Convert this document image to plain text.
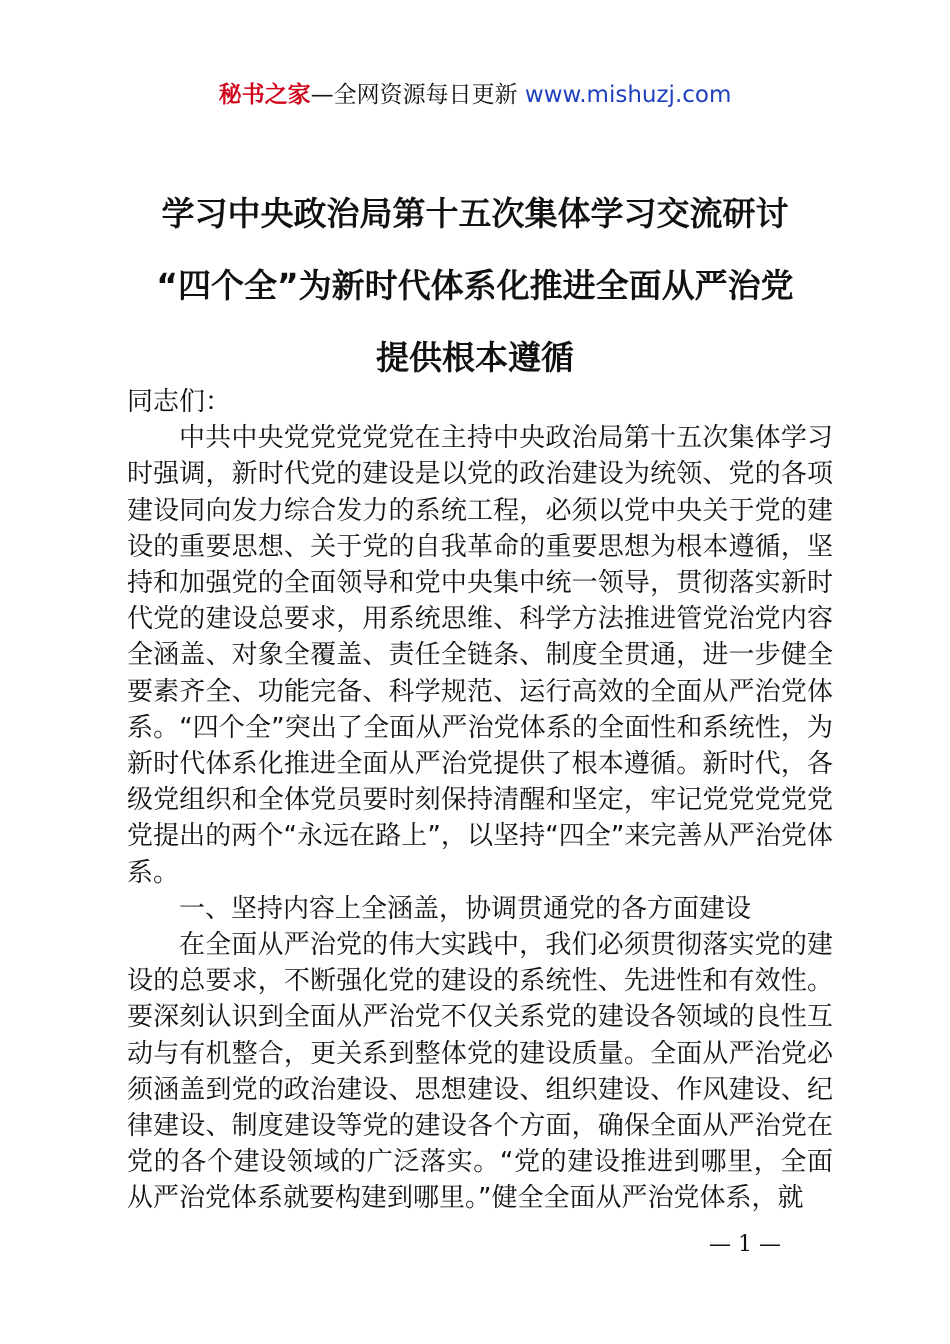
秘书之家—全网资源每日更新 www.mishuzj.com
学习中央政治局第十五次集体学习交流研讨
“四个全”为新时代体系化推进全面从严治党
提供根本遵循

同志们：

中共中央党党党党党在主持中央政治局第十五次集体学习时强调，新时代党的建设是以党的政治建设为统领、党的各项建设同向发力综合发力的系统工程，必须以党中央关于党的建设的重要思想、关于党的自我革命的重要思想为根本遵循，坚持和加强党的全面领导和党中央集中统一领导，贯彻落实新时代党的建设总要求，用系统思维、科学方法推进管党治党内容全涵盖、对象全覆盖、责任全链条、制度全贯通，进一步健全要素齐全、功能完备、科学规范、运行高效的全面从严治党体系。“四个全”突出了全面从严治党体系的全面性和系统性，为新时代体系化推进全面从严治党提供了根本遵循。新时代，各级党组织和全体党员要时刻保持清醒和坚定，牢记党党党党党党提出的两个“永远在路上”，以坚持“四全”来完善从严治党体系。

一、坚持内容上全涵盖，协调贯通党的各方面建设

在全面从严治党的伟大实践中，我们必须贯彻落实党的建设的总要求，不断强化党的建设的系统性、先进性和有效性。要深刻认识到全面从严治党不仅关系党的建设各领域的良性互动与有机整合，更关系到整体党的建设质量。全面从严治党必须涵盖到党的政治建设、思想建设、组织建设、作风建设、纪律建设、制度建设等党的建设各个方面，确保全面从严治党在党的各个建设领域的广泛落实。“党的建设推进到哪里，全面从严治党体系就要构建到哪里。”健全全面从严治党体系，就

— 1 —
